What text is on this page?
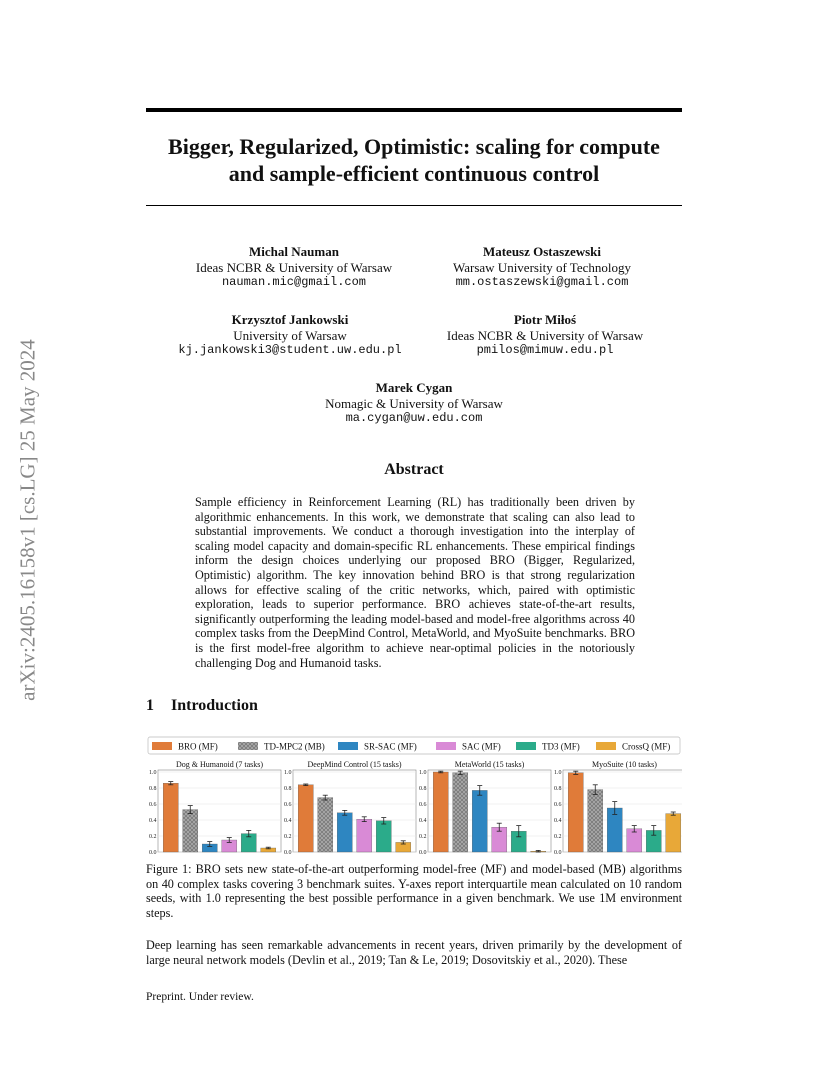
arXiv:2405.16158v1 [cs.LG] 25 May 2024
Bigger, Regularized, Optimistic: scaling for compute
and sample-efficient continuous control
Michal Nauman
Ideas NCBR & University of Warsaw
nauman.mic@gmail.com
Mateusz Ostaszewski
Warsaw University of Technology
mm.ostaszewski@gmail.com
Krzysztof Jankowski
University of Warsaw
kj.jankowski3@student.uw.edu.pl
Piotr Miłoś
Ideas NCBR & University of Warsaw
pmilos@mimuw.edu.pl
Marek Cygan
Nomagic & University of Warsaw
ma.cygan@uw.edu.com
Abstract
Sample efficiency in Reinforcement Learning (RL) has traditionally been driven by algorithmic enhancements. In this work, we demonstrate that scaling can also lead to substantial improvements. We conduct a thorough investigation into the interplay of scaling model capacity and domain-specific RL enhancements. These empirical findings inform the design choices underlying our proposed BRO (Bigger, Regularized, Optimistic) algorithm. The key innovation behind BRO is that strong regularization allows for effective scaling of the critic networks, which, paired with optimistic exploration, leads to superior performance. BRO achieves state-of-the-art results, significantly outperforming the leading model-based and model-free algorithms across 40 complex tasks from the DeepMind Control, MetaWorld, and MyoSuite benchmarks. BRO is the first model-free algorithm to achieve near-optimal policies in the notoriously challenging Dog and Humanoid tasks.
1 Introduction
BRO (MF)	TD-MPC2 (MB)	SR-SAC (MF)	SAC (MF)	TD3 (MF)	CrossQ (MF)
Dog & Humanoid (7 tasks)
0.0
0.2
0.4
0.6
0.8
1.0
DeepMind Control (15 tasks)
0.0
0.2
0.4
0.6
0.8
1.0
MetaWorld (15 tasks)
0.0
0.2
0.4
0.6
0.8
1.0
MyoSuite (10 tasks)
0.0
0.2
0.4
0.6
0.8
1.0
Figure 1: BRO sets new state-of-the-art outperforming model-free (MF) and model-based (MB) algorithms on 40 complex tasks covering 3 benchmark suites. Y-axes report interquartile mean calculated on 10 random seeds, with 1.0 representing the best possible performance in a given benchmark. We use 1M environment steps.
Deep learning has seen remarkable advancements in recent years, driven primarily by the development of large neural network models (Devlin et al., 2019; Tan & Le, 2019; Dosovitskiy et al., 2020). These
Preprint. Under review.
